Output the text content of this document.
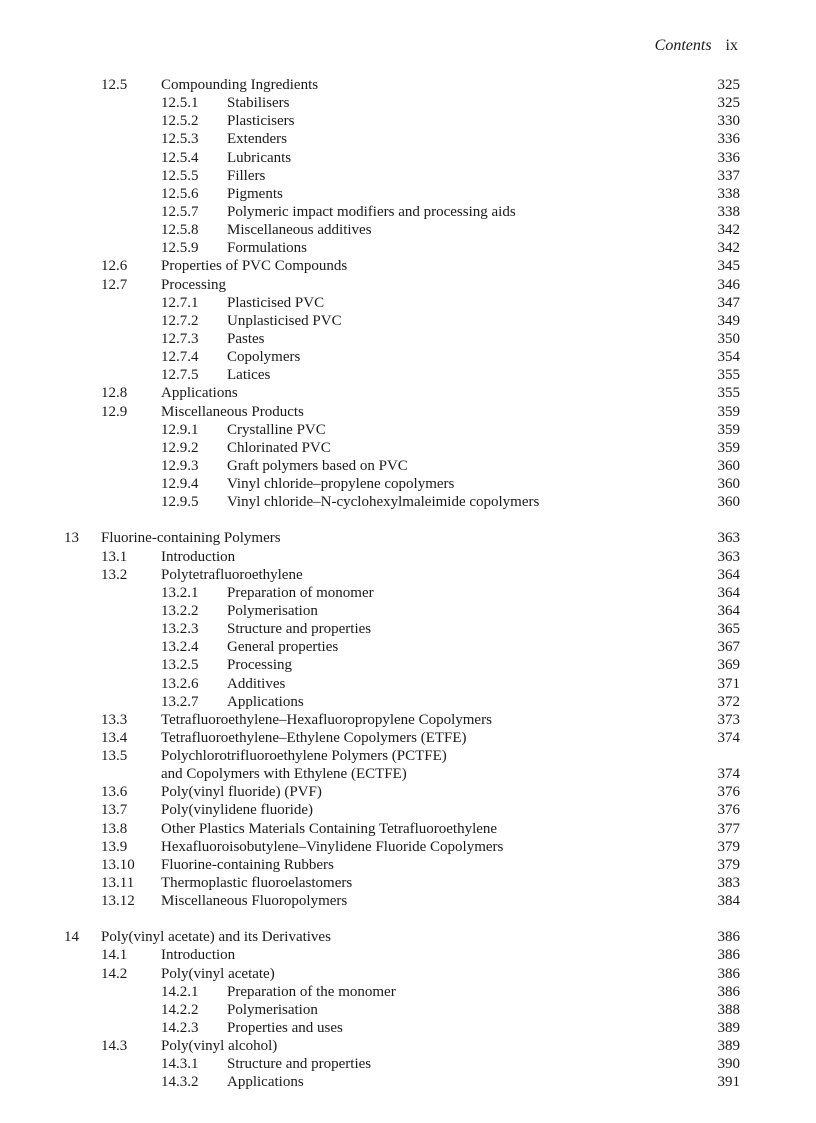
Contents ix
12.5 Compounding Ingredients	325
12.5.1 Stabilisers	325
12.5.2 Plasticisers	330
12.5.3 Extenders	336
12.5.4 Lubricants	336
12.5.5 Fillers	337
12.5.6 Pigments	338
12.5.7 Polymeric impact modifiers and processing aids	338
12.5.8 Miscellaneous additives	342
12.5.9 Formulations	342
12.6 Properties of PVC Compounds	345
12.7 Processing	346
12.7.1 Plasticised PVC	347
12.7.2 Unplasticised PVC	349
12.7.3 Pastes	350
12.7.4 Copolymers	354
12.7.5 Latices	355
12.8 Applications	355
12.9 Miscellaneous Products	359
12.9.1 Crystalline PVC	359
12.9.2 Chlorinated PVC	359
12.9.3 Graft polymers based on PVC	360
12.9.4 Vinyl chloride–propylene copolymers	360
12.9.5 Vinyl chloride–N-cyclohexylmaleimide copolymers	360
13 Fluorine-containing Polymers	363
13.1 Introduction	363
13.2 Polytetrafluoroethylene	364
13.2.1 Preparation of monomer	364
13.2.2 Polymerisation	364
13.2.3 Structure and properties	365
13.2.4 General properties	367
13.2.5 Processing	369
13.2.6 Additives	371
13.2.7 Applications	372
13.3 Tetrafluoroethylene–Hexafluoropropylene Copolymers	373
13.4 Tetrafluoroethylene–Ethylene Copolymers (ETFE)	374
13.5 Polychlorotrifluoroethylene Polymers (PCTFE)
and Copolymers with Ethylene (ECTFE)	374
13.6 Poly(vinyl fluoride) (PVF)	376
13.7 Poly(vinylidene fluoride)	376
13.8 Other Plastics Materials Containing Tetrafluoroethylene	377
13.9 Hexafluoroisobutylene–Vinylidene Fluoride Copolymers	379
13.10 Fluorine-containing Rubbers	379
13.11 Thermoplastic fluoroelastomers	383
13.12 Miscellaneous Fluoropolymers	384
14 Poly(vinyl acetate) and its Derivatives	386
14.1 Introduction	386
14.2 Poly(vinyl acetate)	386
14.2.1 Preparation of the monomer	386
14.2.2 Polymerisation	388
14.2.3 Properties and uses	389
14.3 Poly(vinyl alcohol)	389
14.3.1 Structure and properties	390
14.3.2 Applications	391
